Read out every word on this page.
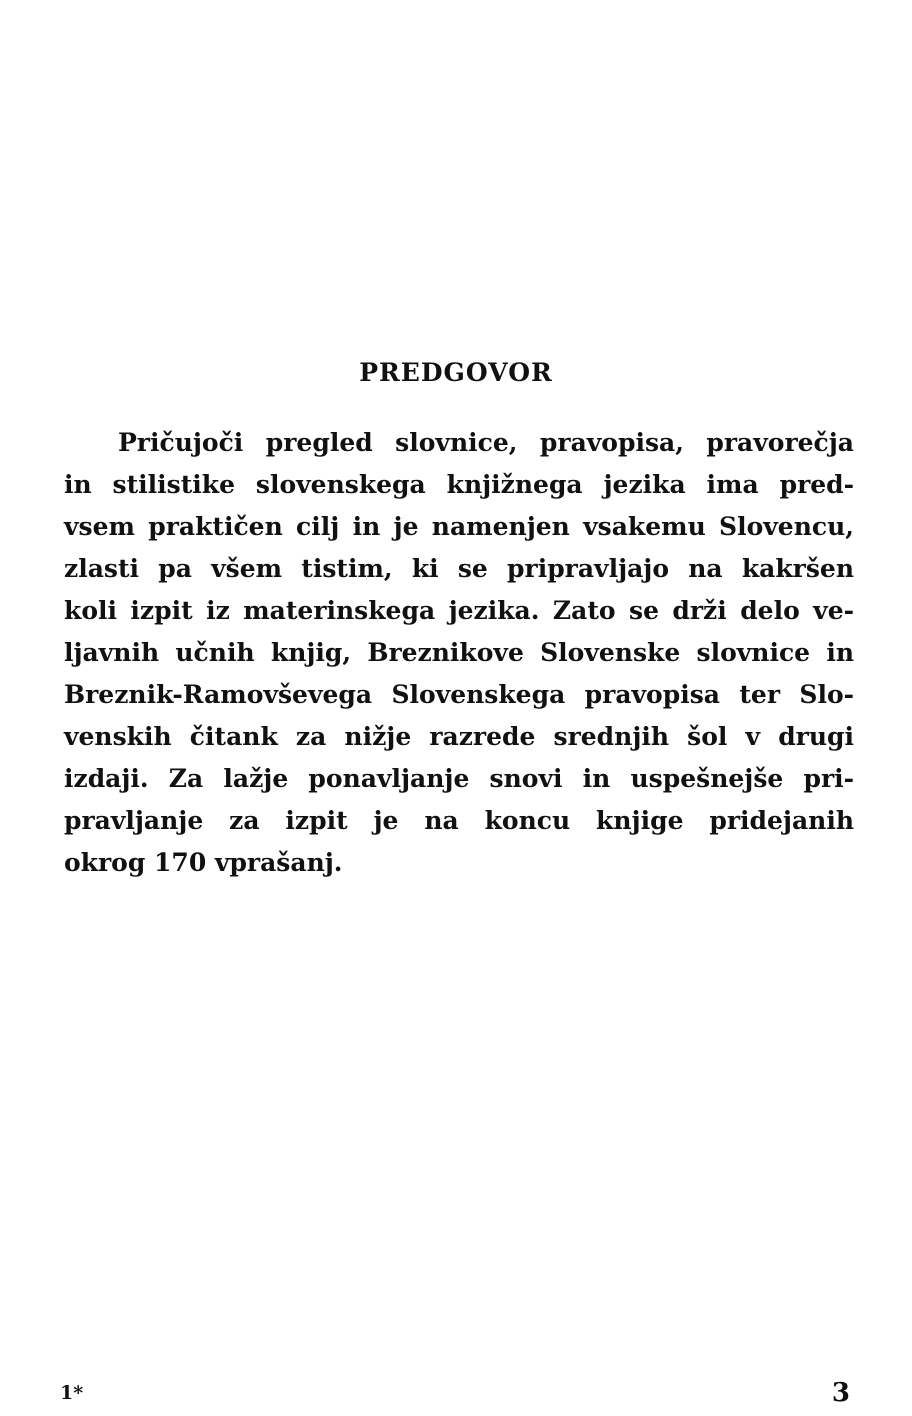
PREDGOVOR
Pričujoči pregled slovnice, pravopisa, pravorečja
in stilistike slovenskega knjižnega jezika ima pred-
vsem praktičen cilj in je namenjen vsakemu Slovencu,
zlasti pa všem tistim, ki se pripravljajo na kakršen
koli izpit iz materinskega jezika. Zato se drži delo ve-
ljavnih učnih knjig, Breznikove Slovenske slovnice in
Breznik-Ramovševega Slovenskega pravopisa ter Slo-
venskih čitank za nižje razrede srednjih šol v drugi
izdaji. Za lažje ponavljanje snovi in uspešnejše pri-
pravljanje za izpit je na koncu knjige pridejanih
okrog 170 vprašanj.
1*	3
